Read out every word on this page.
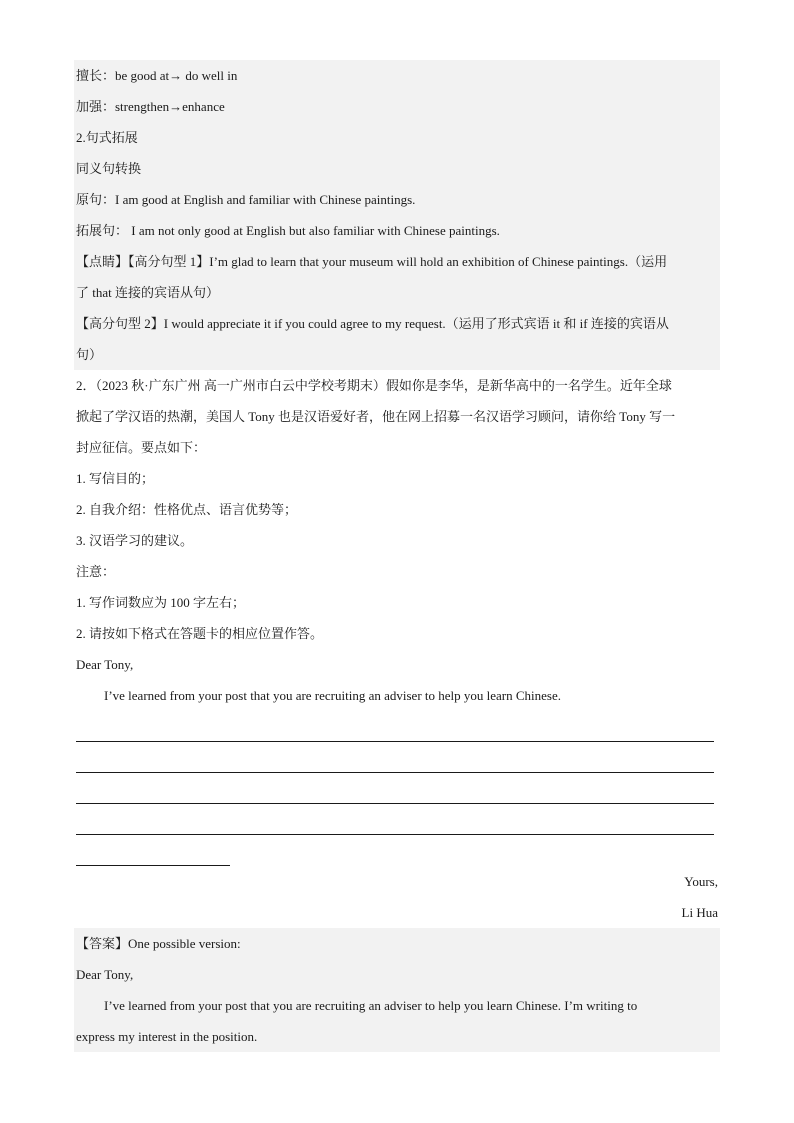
擅长：be good at→ do well in
加强：strengthen→enhance
2.句式拓展
同义句转换
原句：I am good at English and familiar with Chinese paintings.
拓展句： I am not only good at English but also familiar with Chinese paintings.
【点睛】【高分句型 1】I’m glad to learn that your museum will hold an exhibition of Chinese paintings.（运用
了 that 连接的宾语从句）
【高分句型 2】I would appreciate it if you could agree to my request.（运用了形式宾语 it 和 if 连接的宾语从
句）
2．（2023 秋·广东广州 高一广州市白云中学校考期末）假如你是李华，是新华高中的一名学生。近年全球
掀起了学汉语的热潮，美国人 Tony 也是汉语爱好者，他在网上招募一名汉语学习顾问，请你给 Tony 写一
封应征信。要点如下：
1. 写信目的；
2. 自我介绍：性格优点、语言优势等；
3. 汉语学习的建议。
注意：
1. 写作词数应为 100 字左右；
2. 请按如下格式在答题卡的相应位置作答。
Dear Tony,
I’ve learned from your post that you are recruiting an adviser to help you learn Chinese.
Yours,
Li Hua
【答案】One possible version:
Dear Tony,
I’ve learned from your post that you are recruiting an adviser to help you learn Chinese. I’m writing to
express my interest in the position.
